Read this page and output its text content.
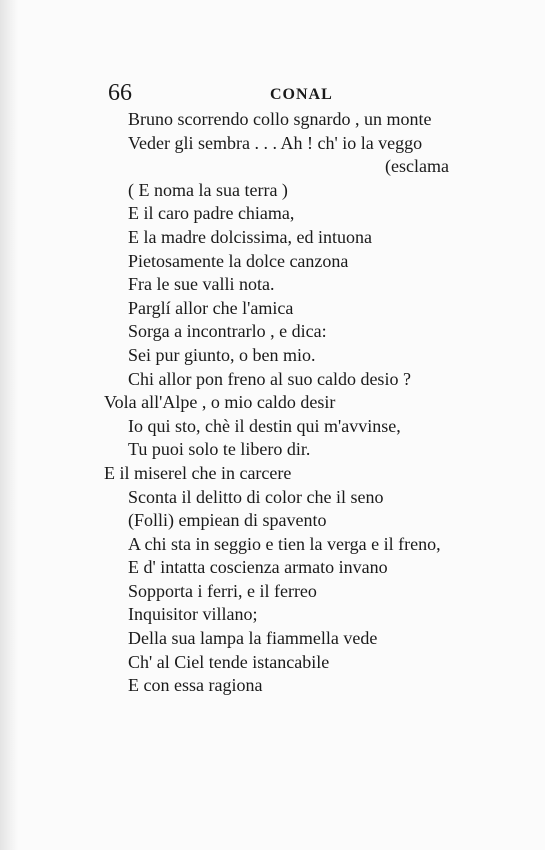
66	CONAL
Bruno scorrendo collo sgnardo , un monte
Veder gli sembra . . . Ah ! ch' io la veggo
(esclama
( E noma la sua terra )
E il caro padre chiama,
E la madre dolcissima, ed intuona
Pietosamente la dolce canzona
Fra le sue valli nota.
Parglí allor che l'amica
Sorga a incontrarlo , e dica:
Sei pur giunto, o ben mio.
Chi allor pon freno al suo caldo desio ?
Vola all'Alpe , o mio caldo desir
Io qui sto, chè il destin qui m'avvinse,
Tu puoi solo te libero dir.
E il miserel che in carcere
Sconta il delitto di color che il seno
(Folli) empiean di spavento
A chi sta in seggio e tien la verga e il freno,
E d' intatta coscienza armato invano
Sopporta i ferri, e il ferreo
Inquisitor villano;
Della sua lampa la fiammella vede
Ch' al Ciel tende istancabile
E con essa ragiona
